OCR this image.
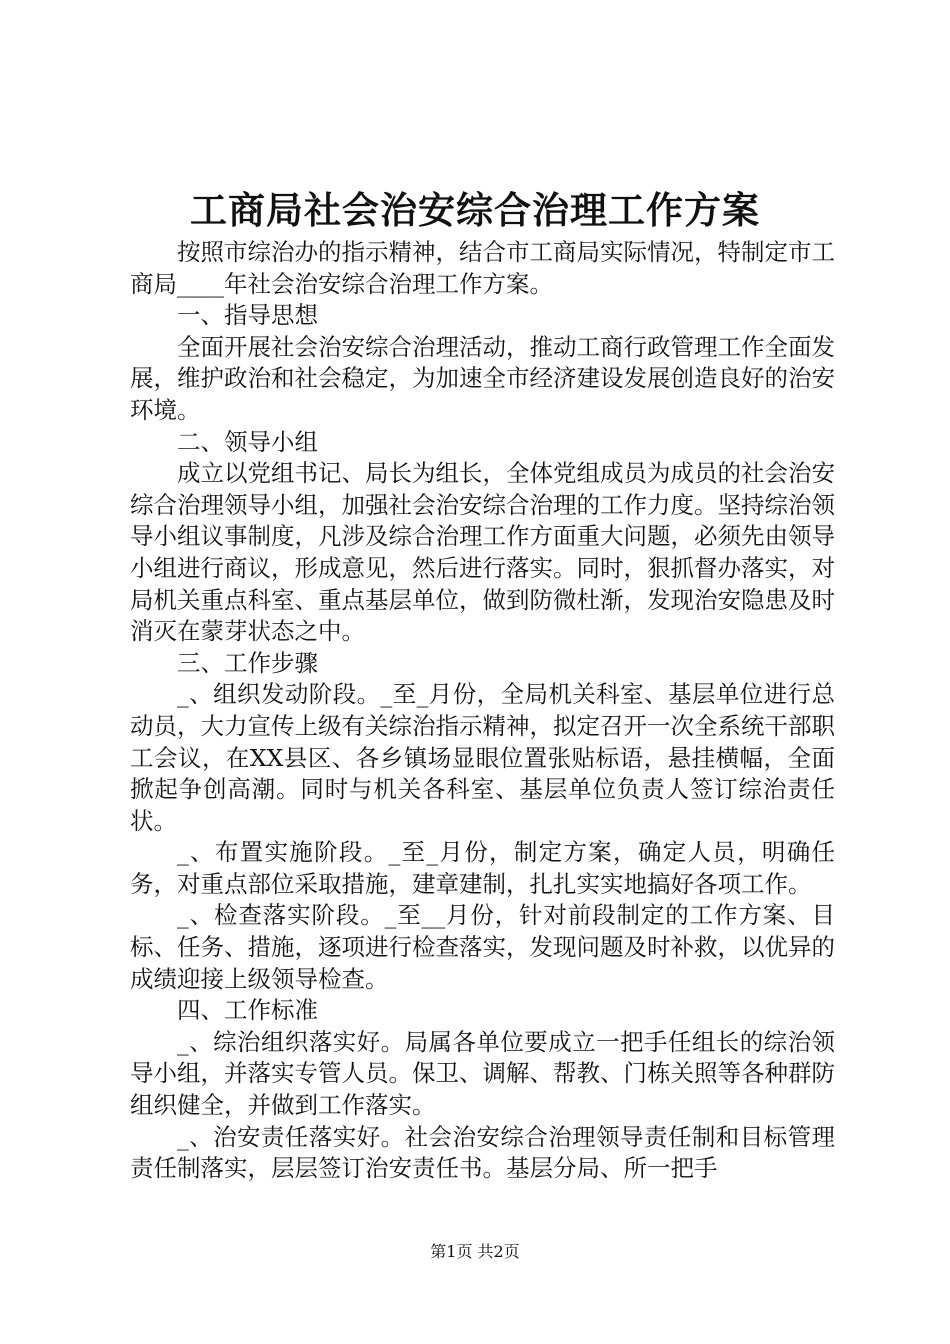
工商局社会治安综合治理工作方案

按照市综治办的指示精神，结合市工商局实际情况，特制定市工商局____年社会治安综合治理工作方案。

一、指导思想

全面开展社会治安综合治理活动，推动工商行政管理工作全面发展，维护政治和社会稳定，为加速全市经济建设发展创造良好的治安环境。

二、领导小组

成立以党组书记、局长为组长，全体党组成员为成员的社会治安综合治理领导小组，加强社会治安综合治理的工作力度。坚持综治领导小组议事制度，凡涉及综合治理工作方面重大问题，必须先由领导小组进行商议，形成意见，然后进行落实。同时，狠抓督办落实，对局机关重点科室、重点基层单位，做到防微杜渐，发现治安隐患及时消灭在蒙芽状态之中。

三、工作步骤

_、组织发动阶段。_至_月份，全局机关科室、基层单位进行总动员，大力宣传上级有关综治指示精神，拟定召开一次全系统干部职工会议，在XX县区、各乡镇场显眼位置张贴标语，悬挂横幅，全面掀起争创高潮。同时与机关各科室、基层单位负责人签订综治责任状。

_、布置实施阶段。_至_月份，制定方案，确定人员，明确任务，对重点部位采取措施，建章建制，扎扎实实地搞好各项工作。

_、检查落实阶段。_至__月份，针对前段制定的工作方案、目标、任务、措施，逐项进行检查落实，发现问题及时补救，以优异的成绩迎接上级领导检查。

四、工作标准

_、综治组织落实好。局属各单位要成立一把手任组长的综治领导小组，并落实专管人员。保卫、调解、帮教、门栋关照等各种群防组织健全，并做到工作落实。

_、治安责任落实好。社会治安综合治理领导责任制和目标管理责任制落实，层层签订治安责任书。基层分局、所一把手

第1页 共2页
